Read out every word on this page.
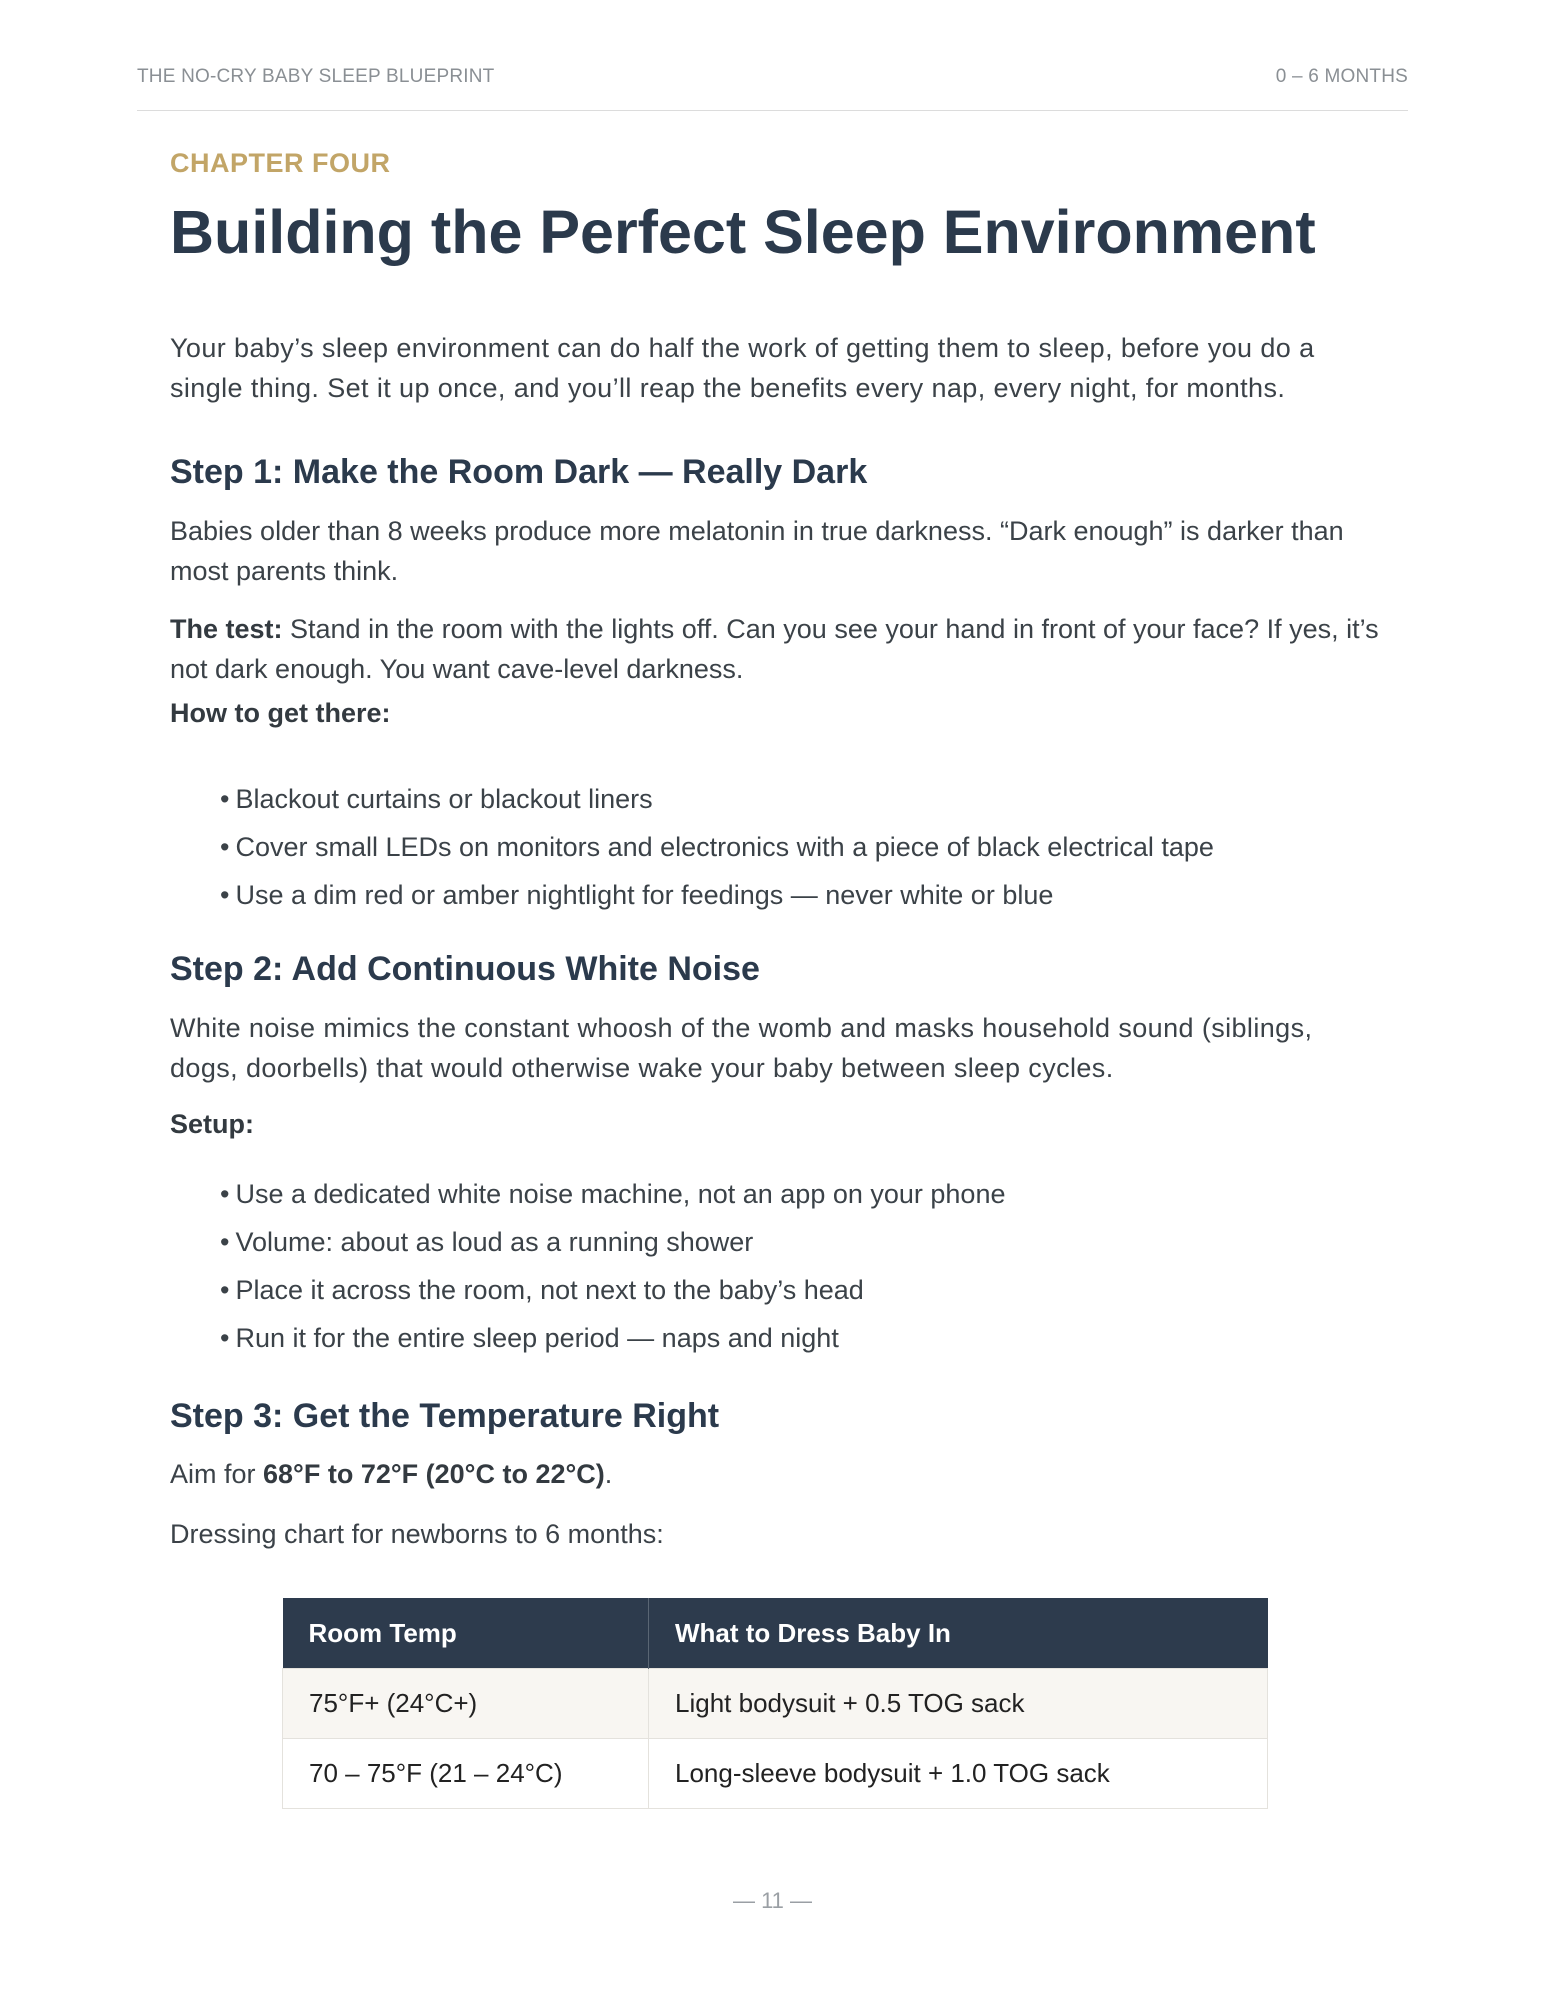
THE NO-CRY BABY SLEEP BLUEPRINT	0 – 6 MONTHS

CHAPTER FOUR

Building the Perfect Sleep Environment

Your baby’s sleep environment can do half the work of getting them to sleep, before you do a single thing. Set it up once, and you’ll reap the benefits every nap, every night, for months.

Step 1: Make the Room Dark — Really Dark

Babies older than 8 weeks produce more melatonin in true darkness. “Dark enough” is darker than most parents think.

The test: Stand in the room with the lights off. Can you see your hand in front of your face? If yes, it’s not dark enough. You want cave-level darkness.

How to get there:

• Blackout curtains or blackout liners
• Cover small LEDs on monitors and electronics with a piece of black electrical tape
• Use a dim red or amber nightlight for feedings — never white or blue
Step 2: Add Continuous White Noise

White noise mimics the constant whoosh of the womb and masks household sound (siblings, dogs, doorbells) that would otherwise wake your baby between sleep cycles.

Setup:

• Use a dedicated white noise machine, not an app on your phone
• Volume: about as loud as a running shower
• Place it across the room, not next to the baby’s head
• Run it for the entire sleep period — naps and night
Step 3: Get the Temperature Right

Aim for 68°F to 72°F (20°C to 22°C).

Dressing chart for newborns to 6 months:

Room Temp	What to Dress Baby In
75°F+ (24°C+)	Light bodysuit + 0.5 TOG sack
70 – 75°F (21 – 24°C)	Long-sleeve bodysuit + 1.0 TOG sack
— 11 —
